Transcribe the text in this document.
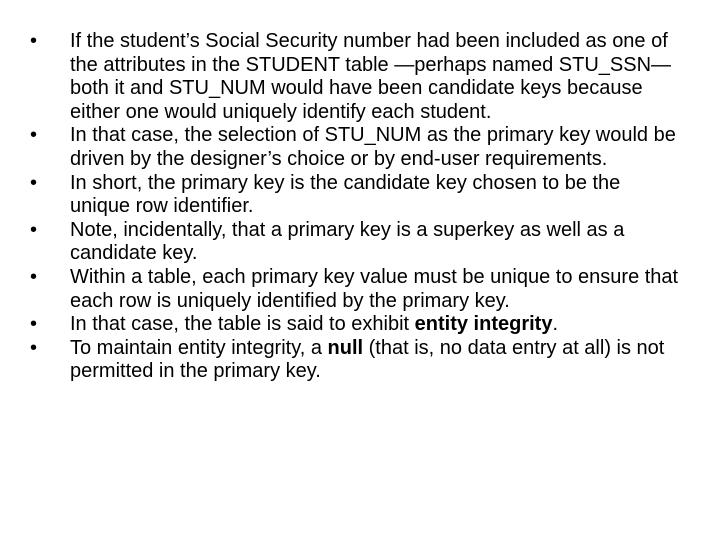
• If the student’s Social Security number had been included as one of the attributes in the STUDENT table —perhaps named STU_SSN—both it and STU_NUM would have been candidate keys because either one would uniquely identify each student.
• In that case, the selection of STU_NUM as the primary key would be driven by the designer’s choice or by end-user requirements.
• In short, the primary key is the candidate key chosen to be the unique row identifier.
• Note, incidentally, that a primary key is a superkey as well as a candidate key.
• Within a table, each primary key value must be unique to ensure that each row is uniquely identified by the primary key.
• In that case, the table is said to exhibit entity integrity.
• To maintain entity integrity, a null (that is, no data entry at all) is not permitted in the primary key.
